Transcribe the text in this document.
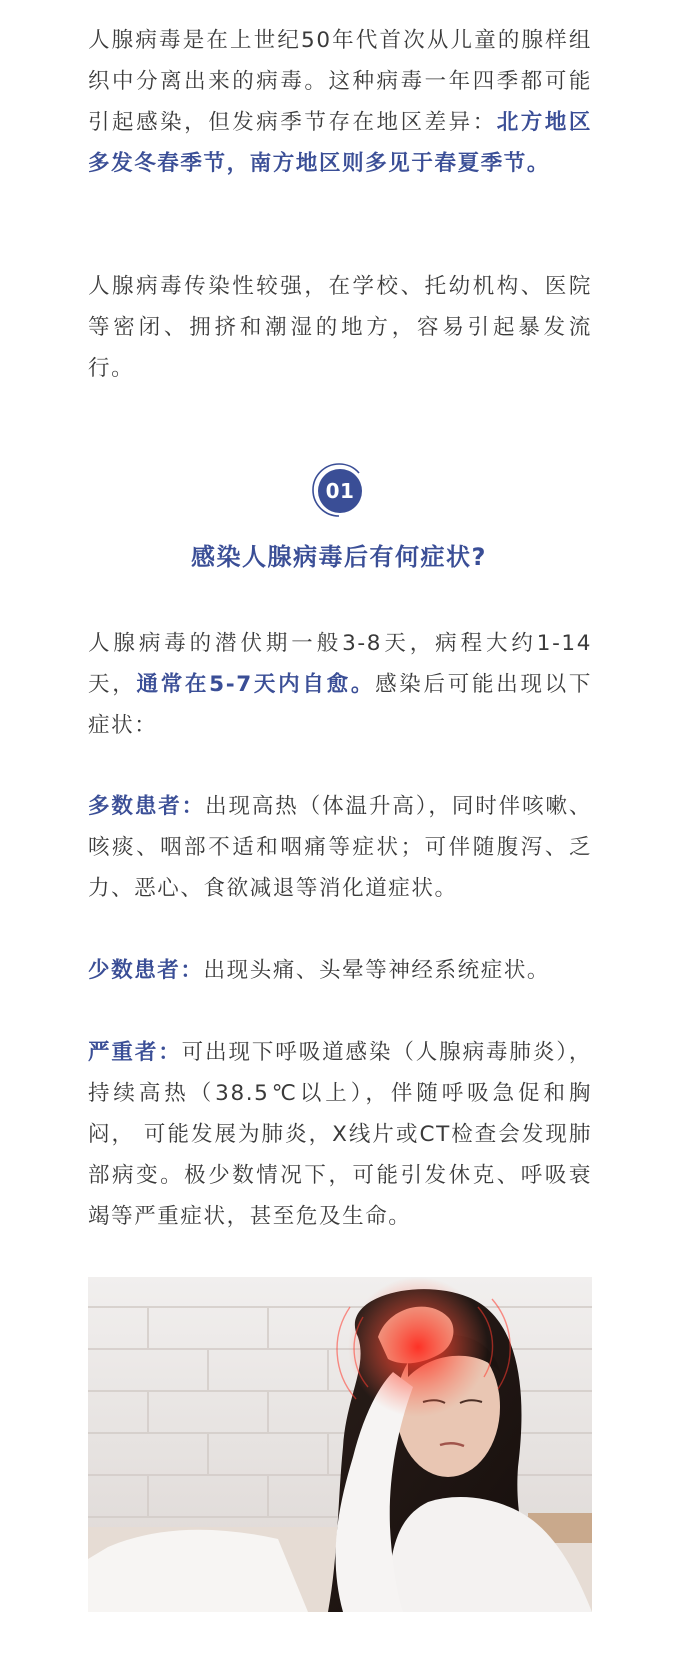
人腺病毒是在上世纪50年代首次从儿童的腺样组织中分离出来的病毒。这种病毒一年四季都可能引起感染，但发病季节存在地区差异：北方地区多发冬春季节，南方地区则多见于春夏季节。

人腺病毒传染性较强，在学校、托幼机构、医院等密闭、拥挤和潮湿的地方，容易引起暴发流行。

01
感染人腺病毒后有何症状?

人腺病毒的潜伏期一般3-8天，病程大约1-14天，通常在5-7天内自愈。感染后可能出现以下症状：

多数患者：出现高热（体温升高），同时伴咳嗽、咳痰、咽部不适和咽痛等症状；可伴随腹泻、乏力、恶心、食欲减退等消化道症状。

少数患者：出现头痛、头晕等神经系统症状。

严重者：可出现下呼吸道感染（人腺病毒肺炎），持续高热（38.5℃以上），伴随呼吸急促和胸闷， 可能发展为肺炎，X线片或CT检查会发现肺部病变。极少数情况下，可能引发休克、呼吸衰竭等严重症状，甚至危及生命。
